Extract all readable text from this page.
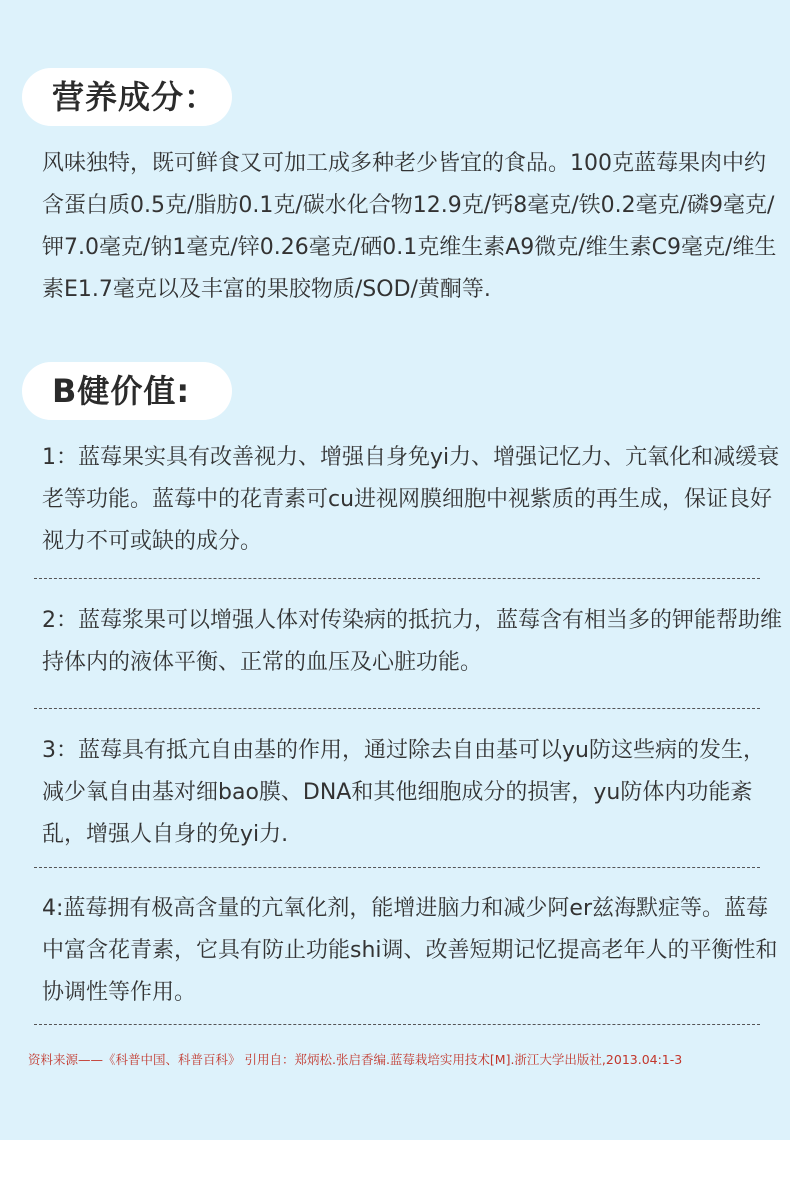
营养成分：

风味独特，既可鲜食又可加工成多种老少皆宜的食品。100克蓝莓果肉中约含蛋白质0.5克/脂肪0.1克/碳水化合物12.9克/钙8毫克/铁0.2毫克/磷9毫克/钾7.0毫克/钠1毫克/锌0.26毫克/硒0.1克维生素A9微克/维生素C9毫克/维生素E1.7毫克以及丰富的果胶物质/SOD/黄酮等.

B健价值:

1：蓝莓果实具有改善视力、增强自身免yi力、增强记忆力、亢氧化和减缓衰老等功能。蓝莓中的花青素可cu进视网膜细胞中视紫质的再生成，保证良好视力不可或缺的成分。

2：蓝莓浆果可以增强人体对传染病的抵抗力，蓝莓含有相当多的钾能帮助维持体内的液体平衡、正常的血压及心脏功能。

3：蓝莓具有抵亢自由基的作用，通过除去自由基可以yu防这些病的发生，减少氧自由基对细bao膜、DNA和其他细胞成分的损害，yu防体内功能紊乱，增强人自身的免yi力.

4:蓝莓拥有极高含量的亢氧化剂，能增进脑力和减少阿er兹海默症等。蓝莓中富含花青素，它具有防止功能shi调、改善短期记忆提高老年人的平衡性和协调性等作用。

资料来源——《科普中国、科普百科》 引用自：郑炳松.张启香编.蓝莓栽培实用技术[M].浙江大学出版社,2013.04:1-3
